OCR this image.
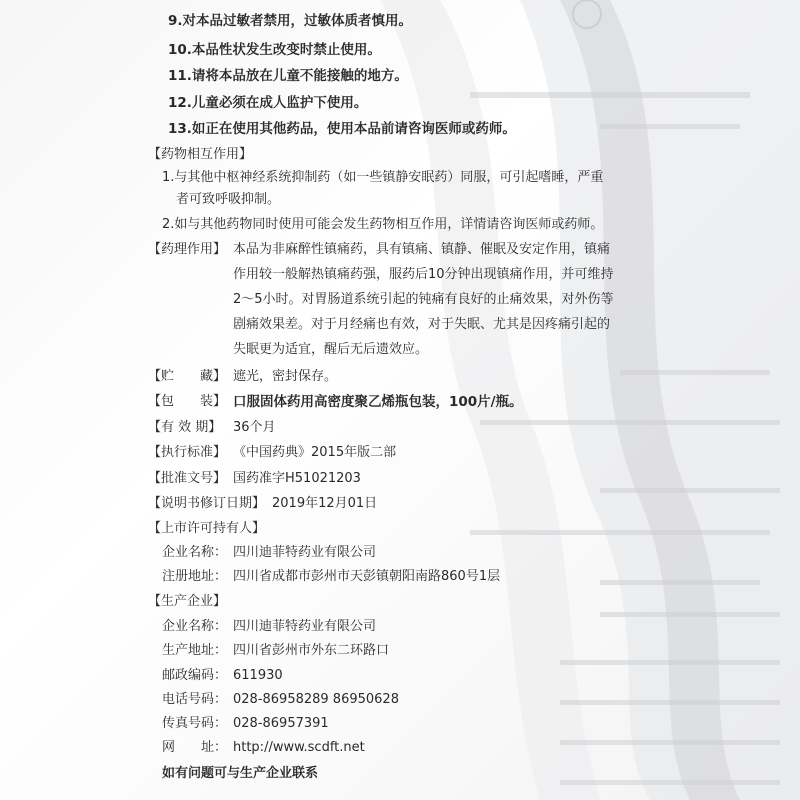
9.对本品过敏者禁用，过敏体质者慎用。
10.本品性状发生改变时禁止使用。
11.请将本品放在儿童不能接触的地方。
12.儿童必须在成人监护下使用。
13.如正在使用其他药品，使用本品前请咨询医师或药师。
【药物相互作用】
1.与其他中枢神经系统抑制药（如一些镇静安眠药）同服，可引起嗜睡，严重
者可致呼吸抑制。
2.如与其他药物同时使用可能会发生药物相互作用，详情请咨询医师或药师。
【药理作用】 本品为非麻醉性镇痛药，具有镇痛、镇静、催眠及安定作用，镇痛
作用较一般解热镇痛药强，服药后10分钟出现镇痛作用，并可维持
2～5小时。对胃肠道系统引起的钝痛有良好的止痛效果，对外伤等
剧痛效果差。对于月经痛也有效，对于失眠、尤其是因疼痛引起的
失眠更为适宜，醒后无后遗效应。
【贮　　藏】 遮光，密封保存。
【包　　装】 口服固体药用高密度聚乙烯瓶包装，100片/瓶。
【有 效 期】 36个月
【执行标准】 《中国药典》2015年版二部
【批准文号】 国药准字H51021203
【说明书修订日期】 2019年12月01日
【上市许可持有人】
企业名称： 四川迪菲特药业有限公司
注册地址： 四川省成都市彭州市天彭镇朝阳南路860号1层
【生产企业】
企业名称： 四川迪菲特药业有限公司
生产地址： 四川省彭州市外东二环路口
邮政编码： 611930
电话号码： 028-86958289 86950628
传真号码： 028-86957391
网　　址： http://www.scdft.net
如有问题可与生产企业联系
